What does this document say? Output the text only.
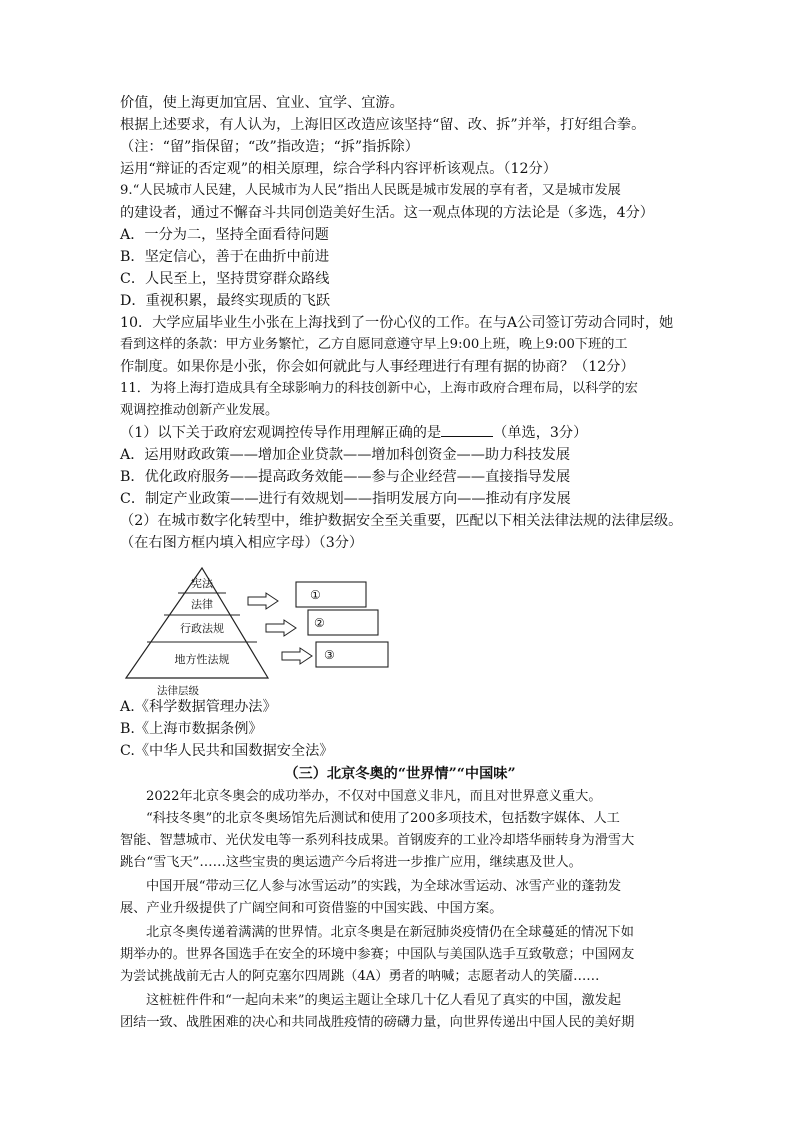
价值，使上海更加宜居、宜业、宜学、宜游。
根据上述要求，有人认为，上海旧区改造应该坚持“留、改、拆”并举，打好组合拳。
（注：“留”指保留；“改”指改造；“拆”指拆除）
运用“辩证的否定观”的相关原理，综合学科内容评析该观点。（12分）
9.“人民城市人民建，人民城市为人民”指出人民既是城市发展的享有者，又是城市发展
的建设者，通过不懈奋斗共同创造美好生活。这一观点体现的方法论是（多选，4分）
A．一分为二，坚持全面看待问题
B．坚定信心，善于在曲折中前进
C．人民至上，坚持贯穿群众路线
D．重视积累，最终实现质的飞跃
10．大学应届毕业生小张在上海找到了一份心仪的工作。在与A公司签订劳动合同时，她
看到这样的条款：甲方业务繁忙，乙方自愿同意遵守早上9:00上班，晚上9:00下班的工
作制度。如果你是小张，你会如何就此与人事经理进行有理有据的协商？（12分）
11．为将上海打造成具有全球影响力的科技创新中心，上海市政府合理布局，以科学的宏
观调控推动创新产业发展。
（1）以下关于政府宏观调控传导作用理解正确的是	（单选，3分）
A．运用财政政策——增加企业贷款——增加科创资金——助力科技发展
B．优化政府服务——提高政务效能——参与企业经营——直接指导发展
C．制定产业政策——进行有效规划——指明发展方向——推动有序发展
（2）在城市数字化转型中，维护数据安全至关重要，匹配以下相关法律法规的法律层级。
（在右图方框内填入相应字母）（3分）
宪法
法律
行政法规
地方性法规
法律层级
①
②
③
A.《科学数据管理办法》
B.《上海市数据条例》
C.《中华人民共和国数据安全法》
（三）北京冬奥的“世界情”“中国味”
2022年北京冬奥会的成功举办，不仅对中国意义非凡，而且对世界意义重大。
“科技冬奥”的北京冬奥场馆先后测试和使用了200多项技术，包括数字媒体、人工
智能、智慧城市、光伏发电等一系列科技成果。首钢废弃的工业冷却塔华丽转身为滑雪大
跳台“雪飞天”……这些宝贵的奥运遗产今后将进一步推广应用，继续惠及世人。
中国开展“带动三亿人参与冰雪运动”的实践，为全球冰雪运动、冰雪产业的蓬勃发
展、产业升级提供了广阔空间和可资借鉴的中国实践、中国方案。
北京冬奥传递着满满的世界情。北京冬奥是在新冠肺炎疫情仍在全球蔓延的情况下如
期举办的。世界各国选手在安全的环境中参赛；中国队与美国队选手互致敬意；中国网友
为尝试挑战前无古人的阿克塞尔四周跳（4A）勇者的呐喊；志愿者动人的笑靥……
这桩桩件件和“一起向未来”的奥运主题让全球几十亿人看见了真实的中国，激发起
团结一致、战胜困难的决心和共同战胜疫情的磅礴力量，向世界传递出中国人民的美好期
